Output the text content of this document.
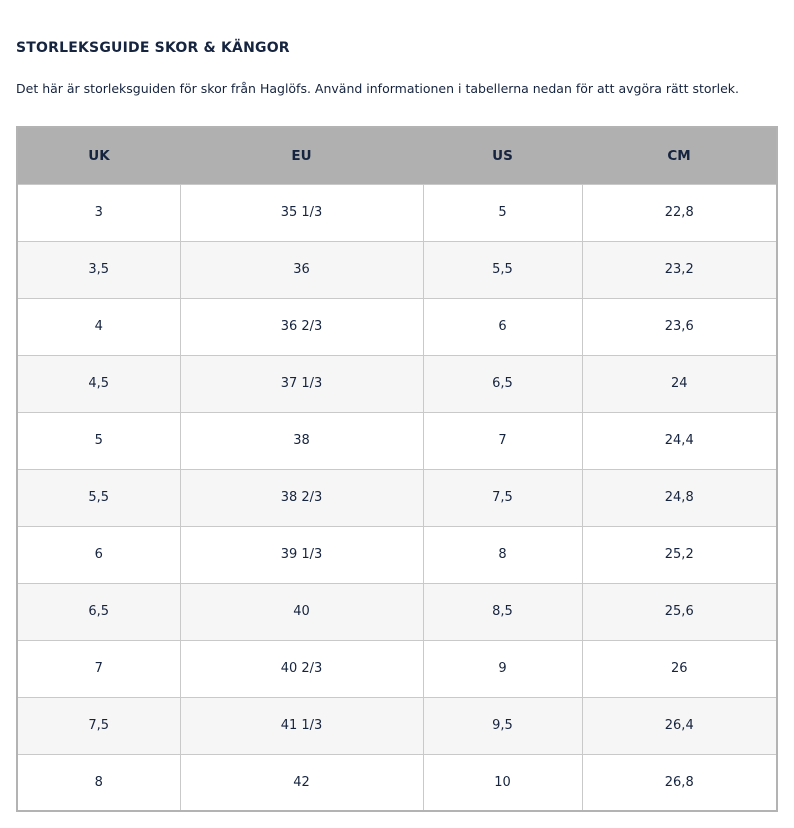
STORLEKSGUIDE SKOR & KÄNGOR

Det här är storleksguiden för skor från Haglöfs. Använd informationen i tabellerna nedan för att avgöra rätt storlek.

UK	EU	US	CM
3	35 1/3	5	22,8
3,5	36	5,5	23,2
4	36 2/3	6	23,6
4,5	37 1/3	6,5	24
5	38	7	24,4
5,5	38 2/3	7,5	24,8
6	39 1/3	8	25,2
6,5	40	8,5	25,6
7	40 2/3	9	26
7,5	41 1/3	9,5	26,4
8	42	10	26,8
